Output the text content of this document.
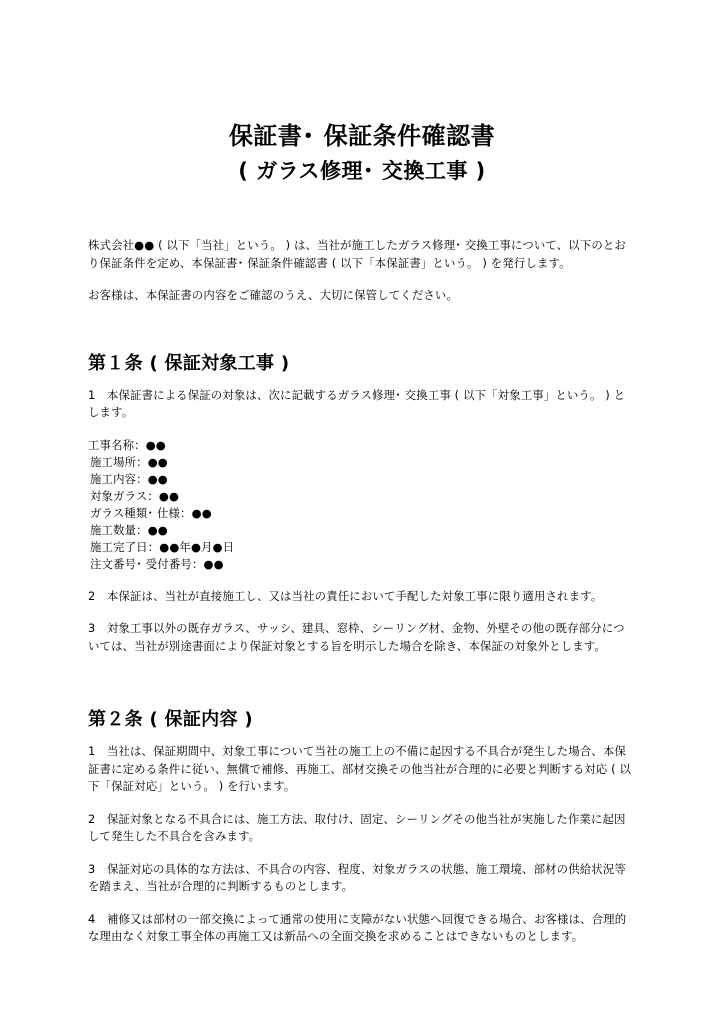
保証書･ 保証条件確認書
( ガラス修理･ 交換工事 )

株式会社●● ( 以下「当社」という。 ) は、当社が施工したガラス修理･ 交換工事について、以下のとおり保証条件を定め、本保証書･ 保証条件確認書 ( 以下「本保証書」という。 ) を発行します。

お客様は、本保証書の内容をご確認のうえ、大切に保管してください。

第１条 ( 保証対象工事 )

1　本保証書による保証の対象は、次に記載するガラス修理･ 交換工事 ( 以下「対象工事」という。 ) とします。

工事名称：●●
施工場所：●●
施工内容：●●
対象ガラス：●●
ガラス種類･ 仕様：●●
施工数量：●●
施工完了日：●●年●月●日
注文番号･ 受付番号：●●

2　本保証は、当社が直接施工し、又は当社の責任において手配した対象工事に限り適用されます。

3　対象工事以外の既存ガラス、サッシ、建具、窓枠、シーリング材、金物、外壁その他の既存部分については、当社が別途書面により保証対象とする旨を明示した場合を除き、本保証の対象外とします。

第２条 ( 保証内容 )

1　当社は、保証期間中、対象工事について当社の施工上の不備に起因する不具合が発生した場合、本保証書に定める条件に従い、無償で補修、再施工、部材交換その他当社が合理的に必要と判断する対応 ( 以下「保証対応」という。 ) を行います。

2　保証対象となる不具合には、施工方法、取付け、固定、シーリングその他当社が実施した作業に起因して発生した不具合を含みます。

3　保証対応の具体的な方法は、不具合の内容、程度、対象ガラスの状態、施工環境、部材の供給状況等を踏まえ、当社が合理的に判断するものとします。

4　補修又は部材の一部交換によって通常の使用に支障がない状態へ回復できる場合、お客様は、合理的な理由なく対象工事全体の再施工又は新品への全面交換を求めることはできないものとします。
